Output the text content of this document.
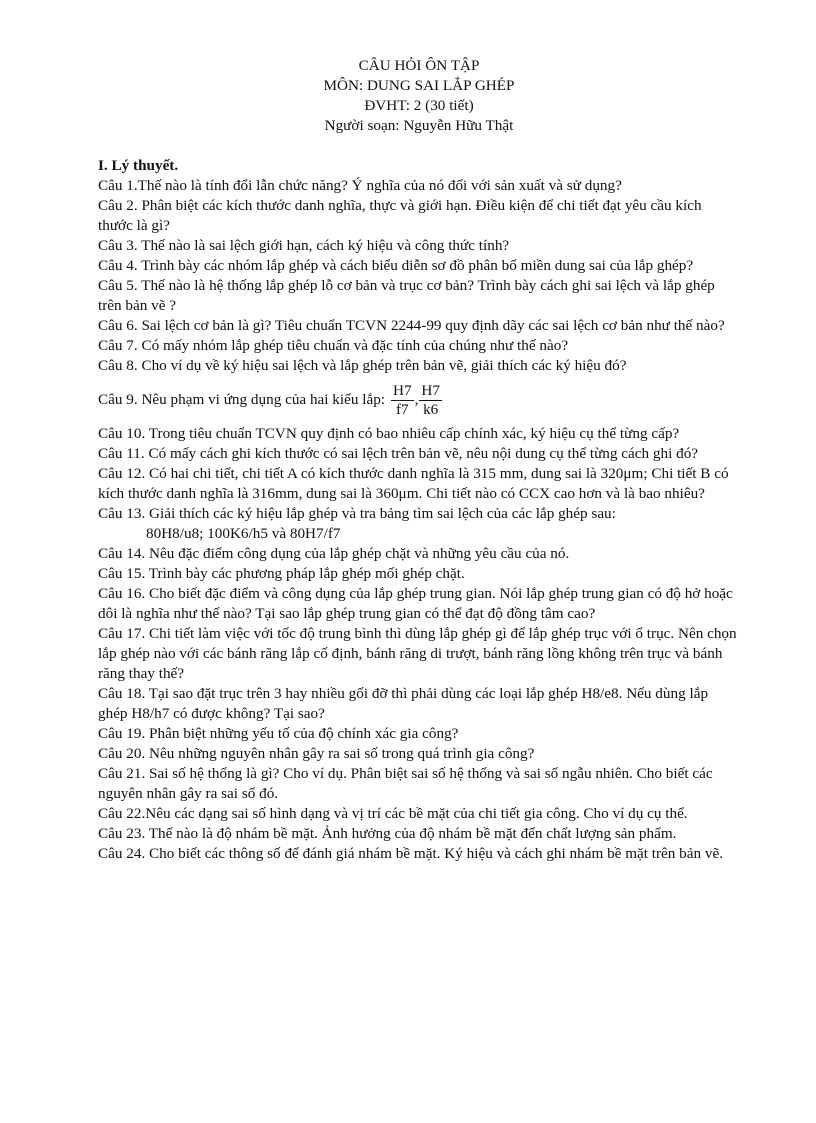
CÂU HỎI ÔN TẬP
MÔN: DUNG SAI LẮP GHÉP
ĐVHT: 2 (30 tiết)
Người soạn: Nguyễn Hữu Thật

I. Lý thuyết.

Câu 1.Thế nào là tính đổi lẫn chức năng? Ý nghĩa của nó đối với sản xuất và sử dụng?

Câu 2. Phân biệt các kích thước danh nghĩa, thực và giới hạn. Điều kiện để chi tiết đạt yêu cầu kích thước là gì?

Câu 3. Thế nào là sai lệch giới hạn, cách ký hiệu và công thức tính?

Câu 4. Trình bày các nhóm lắp ghép và cách biểu diễn sơ đồ phân bố miền dung sai của lắp ghép?

Câu 5. Thế nào là hệ thống lắp ghép lỗ cơ bản và trục cơ bản? Trình bày cách ghi sai lệch và lắp ghép trên bản vẽ ?

Câu 6. Sai lệch cơ bản là gì? Tiêu chuẩn TCVN 2244-99 quy định dãy các sai lệch cơ bản như thế nào?

Câu 7. Có mấy nhóm lắp ghép tiêu chuẩn và đặc tính của chúng như thế nào?

Câu 8. Cho ví dụ về ký hiệu sai lệch và lắp ghép trên bản vẽ, giải thích các ký hiệu đó?

Câu 9. Nêu phạm vi ứng dụng của hai kiểu lắp: $\frac{H7}{f7}$ , $\frac{H7}{k6}$

Câu 10. Trong tiêu chuẩn TCVN quy định có bao nhiêu cấp chính xác, ký hiệu cụ thể từng cấp?

Câu 11. Có mấy cách ghi kích thước có sai lệch trên bản vẽ, nêu nội dung cụ thể từng cách ghi đó?

Câu 12. Có hai chi tiết, chi tiết A có kích thước danh nghĩa là 315 mm, dung sai là 320μm; Chi tiết B có kích thước danh nghĩa là 316mm, dung sai là 360μm. Chi tiết nào có CCX cao hơn và là bao nhiêu?

Câu 13. Giải thích các ký hiệu lắp ghép và tra bảng tìm sai lệch của các lắp ghép sau:

80H8/u8; 100K6/h5 và 80H7/f7

Câu 14. Nêu đặc điểm công dụng của lắp ghép chặt và những yêu cầu của nó.

Câu 15. Trình bày các phương pháp lắp ghép mối ghép chặt.

Câu 16. Cho biết đặc điểm và công dụng của lắp ghép trung gian. Nói lắp ghép trung gian có độ hở hoặc dôi là nghĩa như thế nào? Tại sao lắp ghép trung gian có thể đạt độ đồng tâm cao?

Câu 17. Chi tiết làm việc với tốc độ trung bình thì dùng lắp ghép gì để lắp ghép trục với ổ trục. Nên chọn lắp ghép nào với các bánh răng lắp cố định, bánh răng di trượt, bánh răng lồng không trên trục và bánh răng thay thế?

Câu 18. Tại sao đặt trục trên 3 hay nhiều gối đỡ thì phải dùng các loại lắp ghép H8/e8. Nếu dùng lắp ghép H8/h7 có được không? Tại sao?

Câu 19. Phân biệt những yếu tố của độ chính xác gia công?

Câu 20. Nêu những nguyên nhân gây ra sai số trong quá trình gia công?

Câu 21. Sai số hệ thống là gì? Cho ví dụ. Phân biệt sai số hệ thống và sai số ngẫu nhiên. Cho biết các nguyên nhân gây ra sai số đó.

Câu 22.Nêu các dạng sai số hình dạng và vị trí các bề mặt của chi tiết gia công. Cho ví dụ cụ thể.

Câu 23. Thế nào là độ nhám bề mặt. Ảnh hưởng của độ nhám bề mặt đến chất lượng sản phẩm.

Câu 24. Cho biết các thông số để đánh giá nhám bề mặt. Ký hiệu và cách ghi nhám bề mặt trên bản vẽ.
